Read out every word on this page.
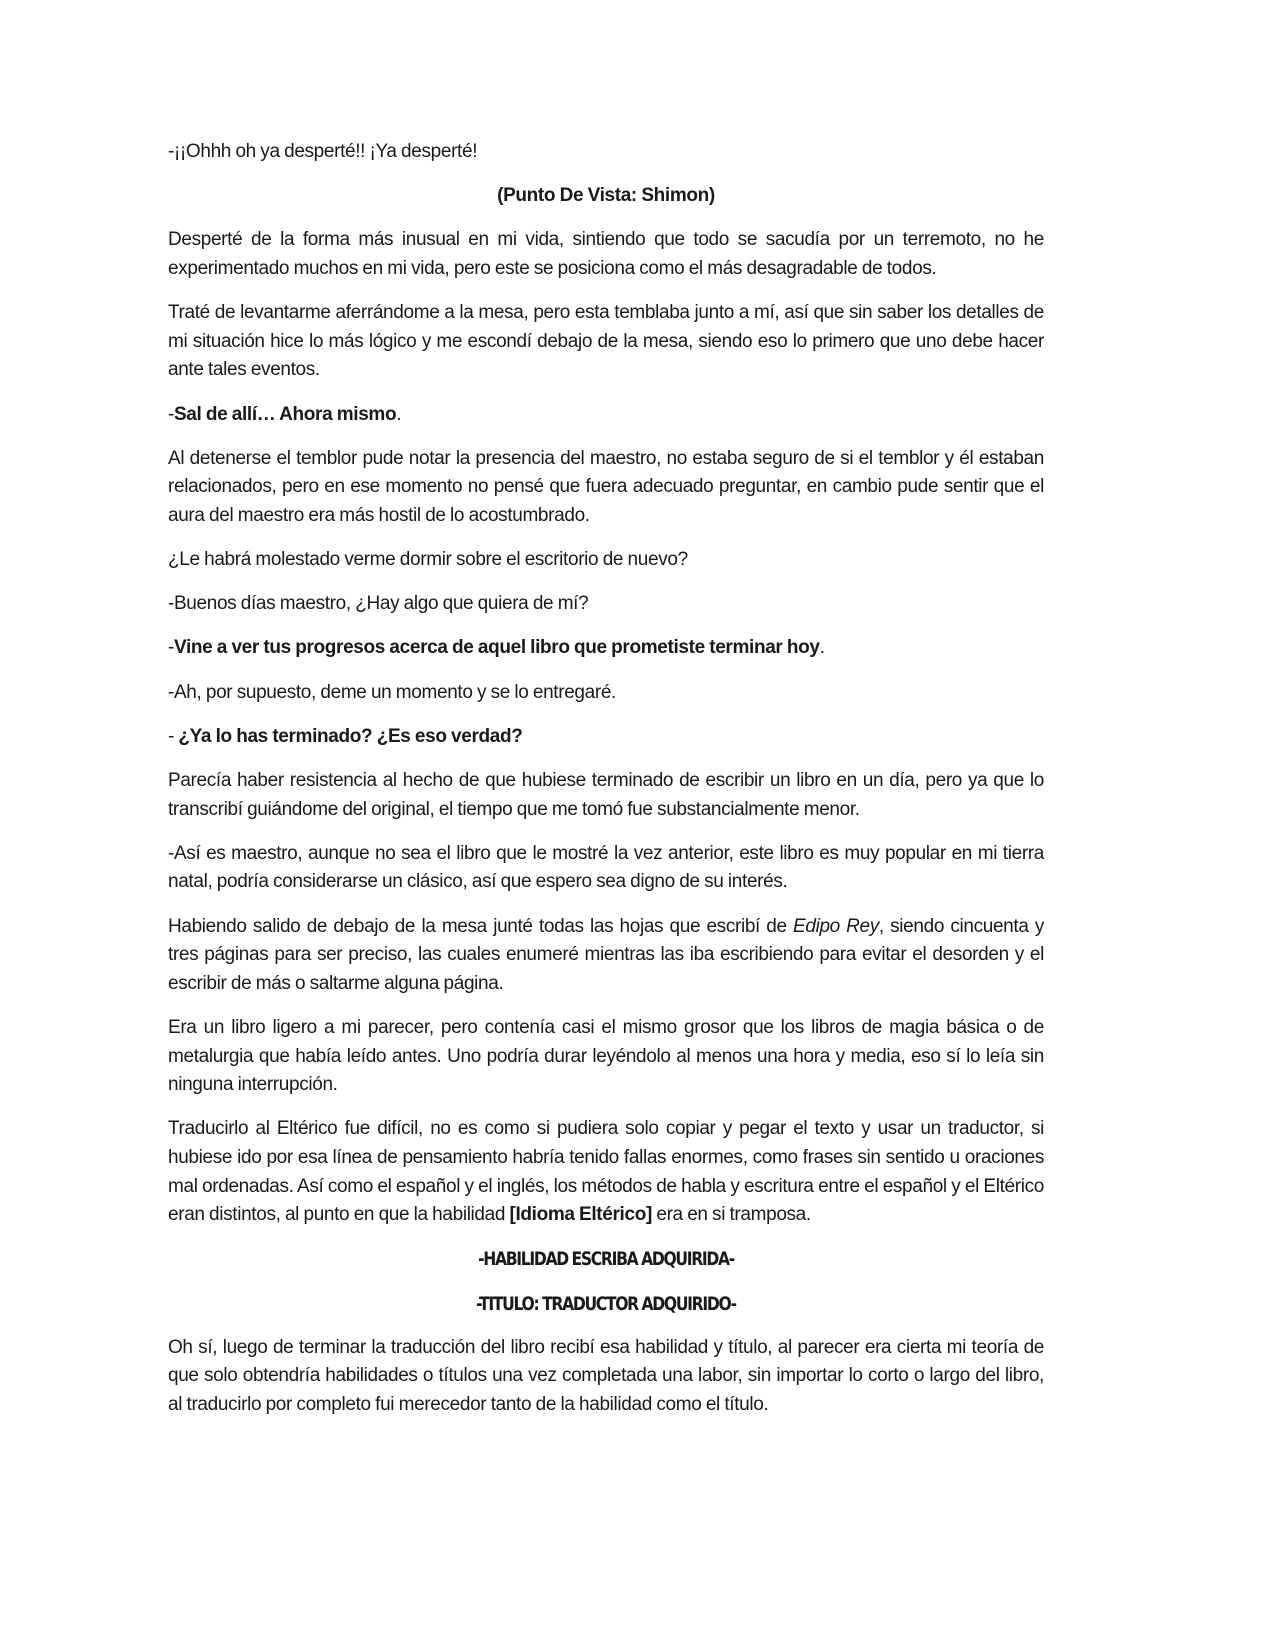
-¡¡Ohhh oh ya desperté!! ¡Ya desperté!

(Punto De Vista: Shimon)

Desperté de la forma más inusual en mi vida, sintiendo que todo se sacudía por un terremoto, no he experimentado muchos en mi vida, pero este se posiciona como el más desagradable de todos.

Traté de levantarme aferrándome a la mesa, pero esta temblaba junto a mí, así que sin saber los detalles de mi situación hice lo más lógico y me escondí debajo de la mesa, siendo eso lo primero que uno debe hacer ante tales eventos.

-Sal de allí… Ahora mismo.

Al detenerse el temblor pude notar la presencia del maestro, no estaba seguro de si el temblor y él estaban relacionados, pero en ese momento no pensé que fuera adecuado preguntar, en cambio pude sentir que el aura del maestro era más hostil de lo acostumbrado.

¿Le habrá molestado verme dormir sobre el escritorio de nuevo?

-Buenos días maestro, ¿Hay algo que quiera de mí?

-Vine a ver tus progresos acerca de aquel libro que prometiste terminar hoy.

-Ah, por supuesto, deme un momento y se lo entregaré.

- ¿Ya lo has terminado? ¿Es eso verdad?

Parecía haber resistencia al hecho de que hubiese terminado de escribir un libro en un día, pero ya que lo transcribí guiándome del original, el tiempo que me tomó fue substancialmente menor.

-Así es maestro, aunque no sea el libro que le mostré la vez anterior, este libro es muy popular en mi tierra natal, podría considerarse un clásico, así que espero sea digno de su interés.

Habiendo salido de debajo de la mesa junté todas las hojas que escribí de Edipo Rey, siendo cincuenta y tres páginas para ser preciso, las cuales enumeré mientras las iba escribiendo para evitar el desorden y el escribir de más o saltarme alguna página.

Era un libro ligero a mi parecer, pero contenía casi el mismo grosor que los libros de magia básica o de metalurgia que había leído antes. Uno podría durar leyéndolo al menos una hora y media, eso sí lo leía sin ninguna interrupción.

Traducirlo al Eltérico fue difícil, no es como si pudiera solo copiar y pegar el texto y usar un traductor, si hubiese ido por esa línea de pensamiento habría tenido fallas enormes, como frases sin sentido u oraciones mal ordenadas. Así como el español y el inglés, los métodos de habla y escritura entre el español y el Eltérico eran distintos, al punto en que la habilidad [Idioma Eltérico] era en si tramposa.

-HABILIDAD ESCRIBA ADQUIRIDA-

-TITULO: TRADUCTOR ADQUIRIDO-

Oh sí, luego de terminar la traducción del libro recibí esa habilidad y título, al parecer era cierta mi teoría de que solo obtendría habilidades o títulos una vez completada una labor, sin importar lo corto o largo del libro, al traducirlo por completo fui merecedor tanto de la habilidad como el título.
